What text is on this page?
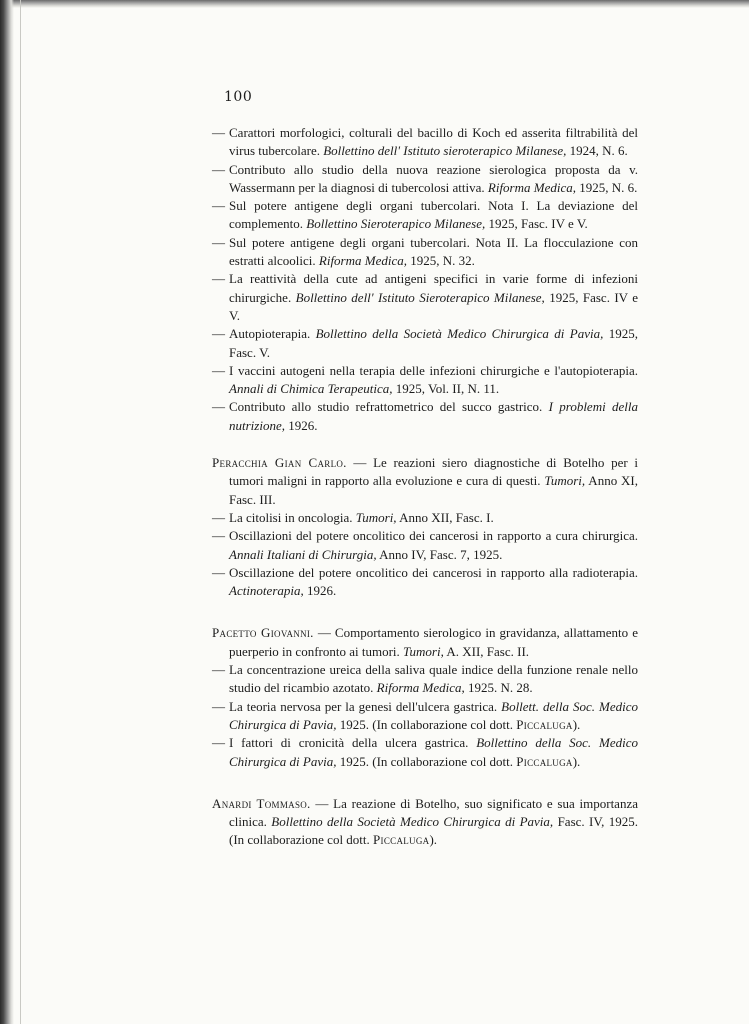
100

— Carattori morfologici, colturali del bacillo di Koch ed asserita filtrabilità del virus tubercolare. Bollettino dell' Istituto sieroterapico Milanese, 1924, N. 6.

— Contributo allo studio della nuova reazione sierologica proposta da v. Wassermann per la diagnosi di tubercolosi attiva. Riforma Medica, 1925, N. 6.

— Sul potere antigene degli organi tubercolari. Nota I. La deviazione del complemento. Bollettino Sieroterapico Milanese, 1925, Fasc. IV e V.

— Sul potere antigene degli organi tubercolari. Nota II. La flocculazione con estratti alcoolici. Riforma Medica, 1925, N. 32.

— La reattività della cute ad antigeni specifici in varie forme di infezioni chirurgiche. Bollettino dell' Istituto Sieroterapico Milanese, 1925, Fasc. IV e V.

— Autopioterapia. Bollettino della Società Medico Chirurgica di Pavia, 1925, Fasc. V.

— I vaccini autogeni nella terapia delle infezioni chirurgiche e l'autopioterapia. Annali di Chimica Terapeutica, 1925, Vol. II, N. 11.

— Contributo allo studio refrattometrico del succo gastrico. I problemi della nutrizione, 1926.

Peracchia Gian Carlo. — Le reazioni siero diagnostiche di Botelho per i tumori maligni in rapporto alla evoluzione e cura di questi. Tumori, Anno XI, Fasc. III.

— La citolisi in oncologia. Tumori, Anno XII, Fasc. I.

— Oscillazioni del potere oncolitico dei cancerosi in rapporto a cura chirurgica. Annali Italiani di Chirurgia, Anno IV, Fasc. 7, 1925.

— Oscillazione del potere oncolitico dei cancerosi in rapporto alla radioterapia. Actinoterapia, 1926.

Pacetto Giovanni. — Comportamento sierologico in gravidanza, allattamento e puerperio in confronto ai tumori. Tumori, A. XII, Fasc. II.

— La concentrazione ureica della saliva quale indice della funzione renale nello studio del ricambio azotato. Riforma Medica, 1925. N. 28.

— La teoria nervosa per la genesi dell'ulcera gastrica. Bollett. della Soc. Medico Chirurgica di Pavia, 1925. (In collaborazione col dott. Piccaluga).

— I fattori di cronicità della ulcera gastrica. Bollettino della Soc. Medico Chirurgica di Pavia, 1925. (In collaborazione col dott. Piccaluga).

Anardi Tommaso. — La reazione di Botelho, suo significato e sua importanza clinica. Bollettino della Società Medico Chirurgica di Pavia, Fasc. IV, 1925. (In collaborazione col dott. Piccaluga).
